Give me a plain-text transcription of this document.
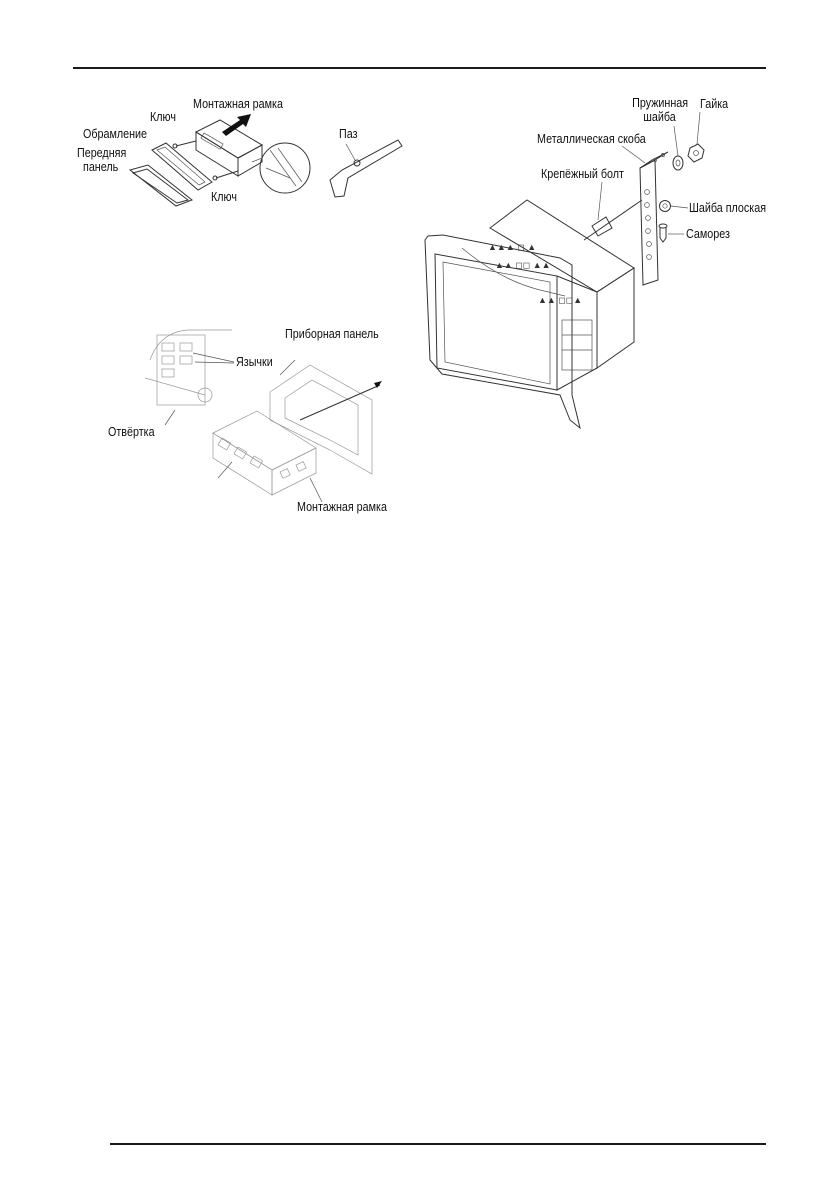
Монтажная рамка
Ключ
Обрамление
Передняя
панель
Ключ
Паз
Приборная панель
Язычки
Отвёртка
Монтажная рамка
▲▲▲ ◻ ▲
▲▲ ◻◻ ▲▲
▲▲ ◻◻▲
Пружинная
шайба
Гайка
Металлическая скоба
Крепёжный болт
Шайба плоская
Саморез
